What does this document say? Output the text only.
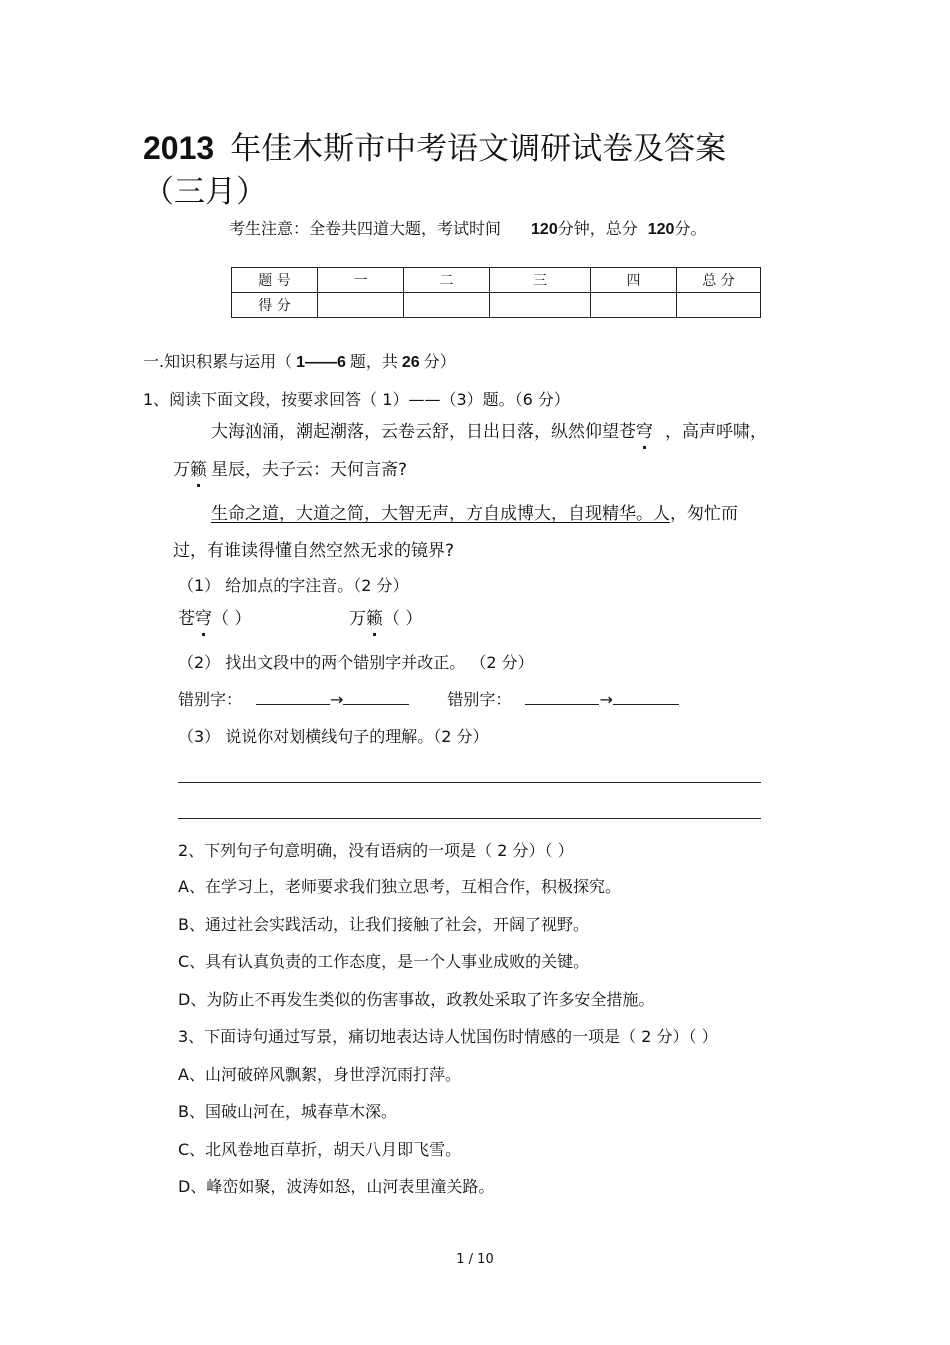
2013 年佳木斯市中考语文调研试卷及答案
（三月）
考生注意：全卷共四道大题，考试时间 120分钟，总分 120分。
题 号	一	二	三	四	总 分
得 分					
一.知识积累与运用（ 1——6 题，共 26 分）
1、阅读下面文段，按要求回答（ 1）——（3）题。（6 分）
大海汹涌，潮起潮落，云卷云舒，日出日落，纵然仰望苍穹 ，高声呼啸，
万籁 星辰，夫子云：天何言斋?
生命之道，大道之简，大智无声，方自成博大，自现精华。人，匆忙而
过，有谁读得懂自然空然无求的镜界?
（1） 给加点的字注音。（2 分）
苍穹（ ）	万籁（ ）
（2） 找出文段中的两个错别字并改正。 （2 分）
错别字：	→	错别字：	→
（3） 说说你对划横线句子的理解。（2 分）
2、下列句子句意明确，没有语病的一项是（ 2 分）（ ）
A、在学习上，老师要求我们独立思考，互相合作，积极探究。
B、通过社会实践活动，让我们接触了社会，开阔了视野。
C、具有认真负责的工作态度，是一个人事业成败的关键。
D、为防止不再发生类似的伤害事故，政教处采取了许多安全措施。
3、下面诗句通过写景，痛切地表达诗人忧国伤时情感的一项是（ 2 分）（ ）
A、山河破碎风飘絮，身世浮沉雨打萍。
B、国破山河在，城春草木深。
C、北风卷地百草折，胡天八月即飞雪。
D、峰峦如聚，波涛如怒，山河表里潼关路。
1 / 10
